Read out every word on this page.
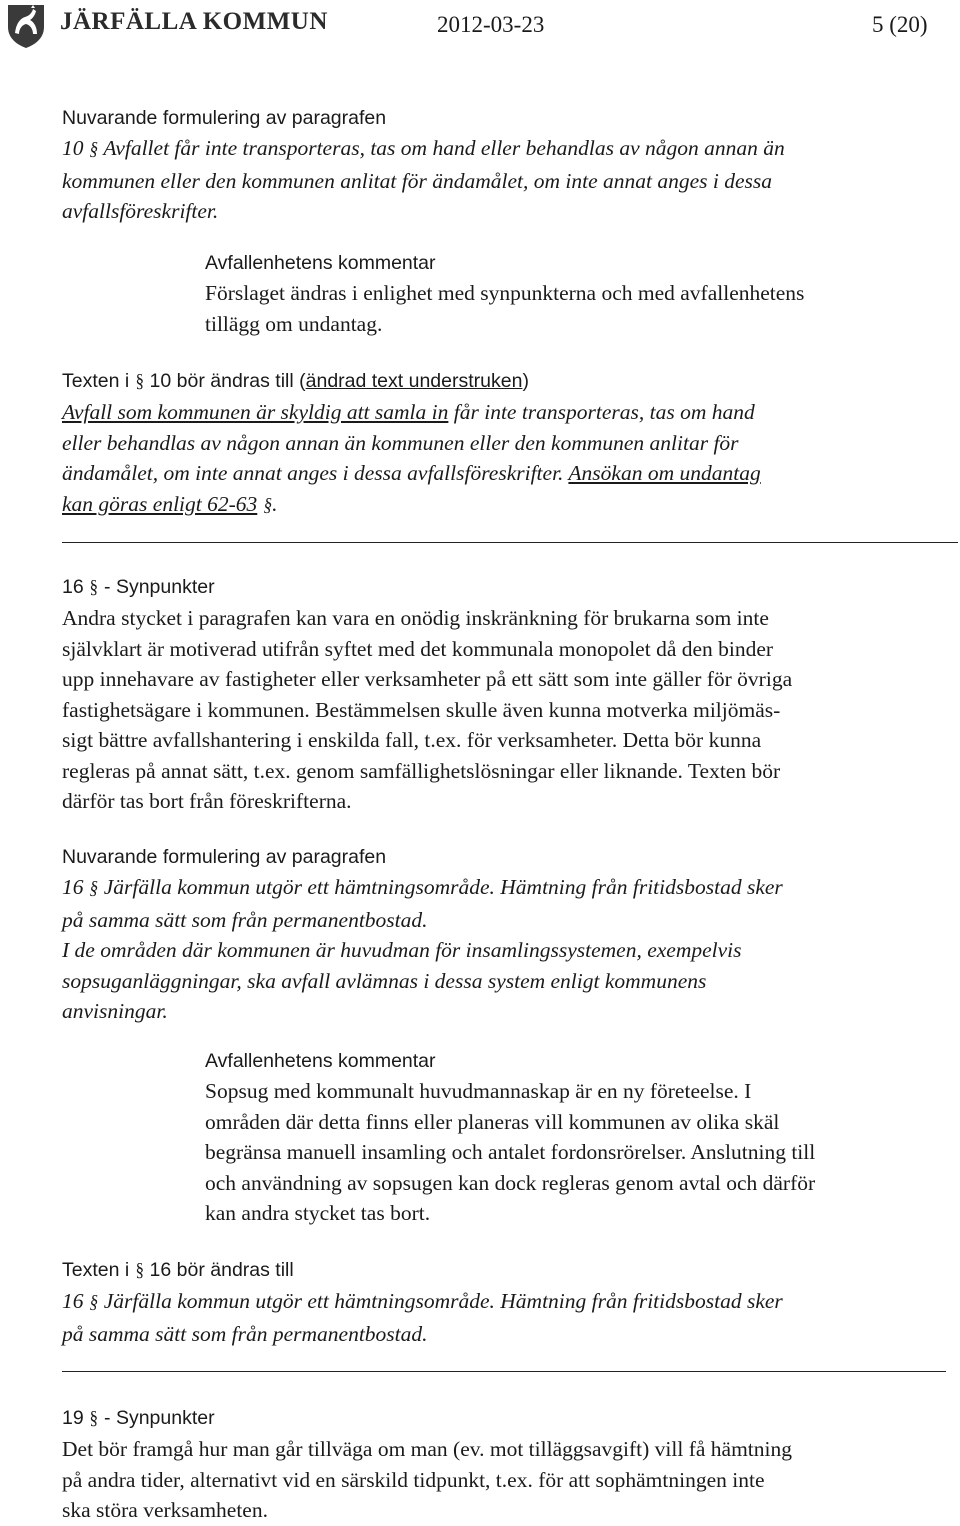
JÄRFÄLLA KOMMUN	2012-03-23	5 (20)

Nuvarande formulering av paragrafen

10 § Avfallet får inte transporteras, tas om hand eller behandlas av någon annan än

kommunen eller den kommunen anlitat för ändamålet, om inte annat anges i dessa

avfallsföreskrifter.

Avfallenhetens kommentar

Förslaget ändras i enlighet med synpunkterna och med avfallenhetens

tillägg om undantag.

Texten i § 10 bör ändras till (ändrad text understruken)

Avfall som kommunen är skyldig att samla in får inte transporteras, tas om hand

eller behandlas av någon annan än kommunen eller den kommunen anlitar för

ändamålet, om inte annat anges i dessa avfallsföreskrifter. Ansökan om undantag

kan göras enligt 62-63 §.

16 § - Synpunkter

Andra stycket i paragrafen kan vara en onödig inskränkning för brukarna som inte

självklart är motiverad utifrån syftet med det kommunala monopolet då den binder

upp innehavare av fastigheter eller verksamheter på ett sätt som inte gäller för övriga

fastighetsägare i kommunen. Bestämmelsen skulle även kunna motverka miljömäs-

sigt bättre avfallshantering i enskilda fall, t.ex. för verksamheter. Detta bör kunna

regleras på annat sätt, t.ex. genom samfällighetslösningar eller liknande. Texten bör

därför tas bort från föreskrifterna.

Nuvarande formulering av paragrafen

16 § Järfälla kommun utgör ett hämtningsområde. Hämtning från fritidsbostad sker

på samma sätt som från permanentbostad.

I de områden där kommunen är huvudman för insamlingssystemen, exempelvis

sopsuganläggningar, ska avfall avlämnas i dessa system enligt kommunens

anvisningar.

Avfallenhetens kommentar

Sopsug med kommunalt huvudmannaskap är en ny företeelse. I

områden där detta finns eller planeras vill kommunen av olika skäl

begränsa manuell insamling och antalet fordonsrörelser. Anslutning till

och användning av sopsugen kan dock regleras genom avtal och därför

kan andra stycket tas bort.

Texten i § 16 bör ändras till

16 § Järfälla kommun utgör ett hämtningsområde. Hämtning från fritidsbostad sker

på samma sätt som från permanentbostad.

19 § - Synpunkter

Det bör framgå hur man går tillväga om man (ev. mot tilläggsavgift) vill få hämtning

på andra tider, alternativt vid en särskild tidpunkt, t.ex. för att sophämtningen inte

ska störa verksamheten.
